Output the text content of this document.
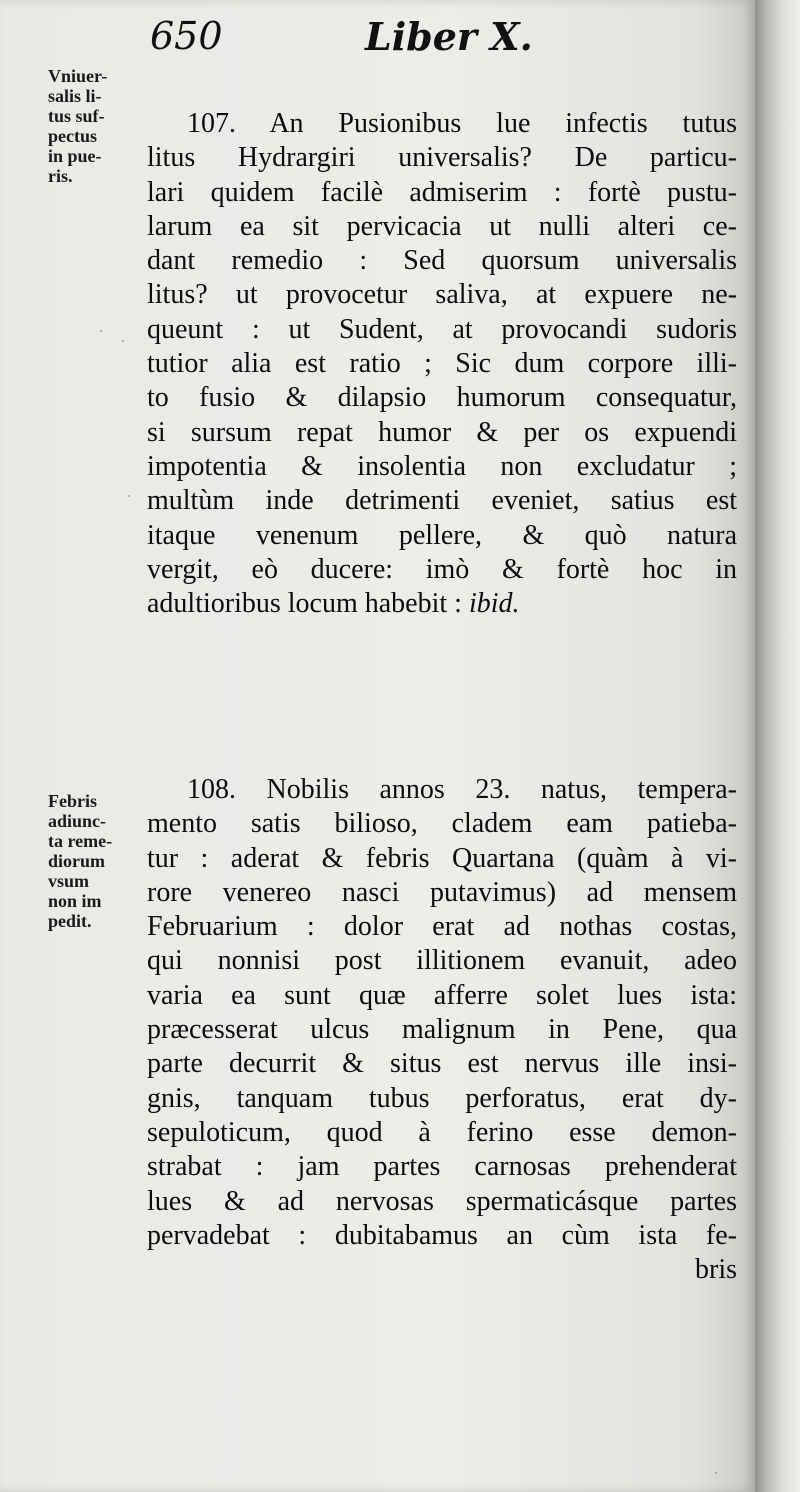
650	Liber X.
Vniuer-
salis li-
tus suf-
pectus
in pue-
ris.
107. An Pusionibus lue infectis tutus
litus Hydrargiri universalis? De particu-
lari quidem facilè admiserim : fortè pustu-
larum ea sit pervicacia ut nulli alteri ce-
dant remedio : Sed quorsum universalis
litus? ut provocetur saliva, at expuere ne-
queunt : ut Sudent, at provocandi sudoris
tutior alia est ratio ; Sic dum corpore illi-
to fusio & dilapsio humorum consequatur,
si sursum repat humor & per os expuendi
impotentia & insolentia non excludatur ;
multùm inde detrimenti eveniet, satius est
itaque venenum pellere, & quò natura
vergit, eò ducere: imò & fortè hoc in
adultioribus locum habebit : ibid.
Febris
adiunc-
ta reme-
diorum
vsum
non im
pedit.
108. Nobilis annos 23. natus, tempera-
mento satis bilioso, cladem eam patieba-
tur : aderat & febris Quartana (quàm à vi-
rore venereo nasci putavimus) ad mensem
Februarium : dolor erat ad nothas costas,
qui nonnisi post illitionem evanuit, adeo
varia ea sunt quæ afferre solet lues ista:
præcesserat ulcus malignum in Pene, qua
parte decurrit & situs est nervus ille insi-
gnis, tanquam tubus perforatus, erat dy-
sepuloticum, quod à ferino esse demon-
strabat : jam partes carnosas prehenderat
lues & ad nervosas spermaticásque partes
pervadebat : dubitabamus an cùm ista fe-
bris
